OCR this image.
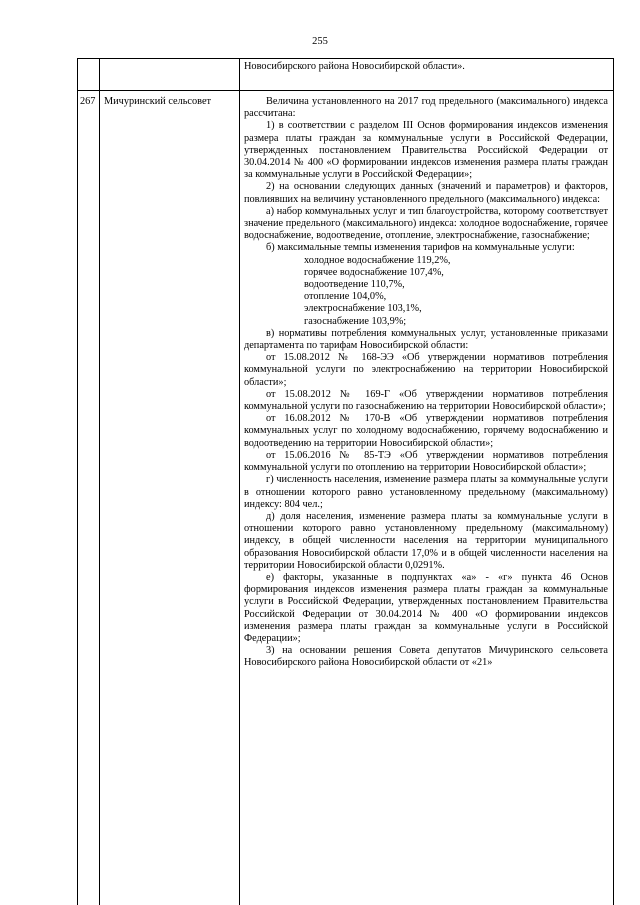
255
Новосибирского района Новосибирской области».
267 Мичуринский сельсовет	Величина установленного на 2017 год предельного (максимального) индекса рассчитана:

1) в соответствии с разделом III Основ формирования индексов изменения размера платы граждан за коммунальные услуги в Российской Федерации, утвержденных постановлением Правительства Российской Федерации от 30.04.2014 № 400 «О формировании индексов изменения размера платы граждан за коммунальные услуги в Российской Федерации»;

2) на основании следующих данных (значений и параметров) и факторов, повлиявших на величину установленного предельного (максимального) индекса:

а) набор коммунальных услуг и тип благоустройства, которому соответствует значение предельного (максимального) индекса: холодное водоснабжение, горячее водоснабжение, водоотведение, отопление, электроснабжение, газоснабжение;

б) максимальные темпы изменения тарифов на коммунальные услуги:

холодное водоснабжение 119,2%,

горячее водоснабжение 107,4%,

водоотведение 110,7%,

отопление 104,0%,

электроснабжение 103,1%,

газоснабжение 103,9%;

в) нормативы потребления коммунальных услуг, установленные приказами департамента по тарифам Новосибирской области:

от 15.08.2012 № 168-ЭЭ «Об утверждении нормативов потребления коммунальной услуги по электроснабжению на территории Новосибирской области»;

от 15.08.2012 № 169-Г «Об утверждении нормативов потребления коммунальной услуги по газоснабжению на территории Новосибирской области»;

от 16.08.2012 № 170-В «Об утверждении нормативов потребления коммунальных услуг по холодному водоснабжению, горячему водоснабжению и водоотведению на территории Новосибирской области»;

от 15.06.2016 № 85-ТЭ «Об утверждении нормативов потребления коммунальной услуги по отоплению на территории Новосибирской области»;

г) численность населения, изменение размера платы за коммунальные услуги в отношении которого равно установленному предельному (максимальному) индексу: 804 чел.;

д) доля населения, изменение размера платы за коммунальные услуги в отношении которого равно установленному предельному (максимальному) индексу, в общей численности населения на территории муниципального образования Новосибирской области 17,0% и в общей численности населения на территории Новосибирской области 0,0291%.

е) факторы, указанные в подпунктах «а» - «г» пункта 46 Основ формирования индексов изменения размера платы граждан за коммунальные услуги в Российской Федерации, утвержденных постановлением Правительства Российской Федерации от 30.04.2014 № 400 «О формировании индексов изменения размера платы граждан за коммунальные услуги в Российской Федерации»;

3) на основании решения Совета депутатов Мичуринского сельсовета Новосибирского района Новосибирской области от «21»
